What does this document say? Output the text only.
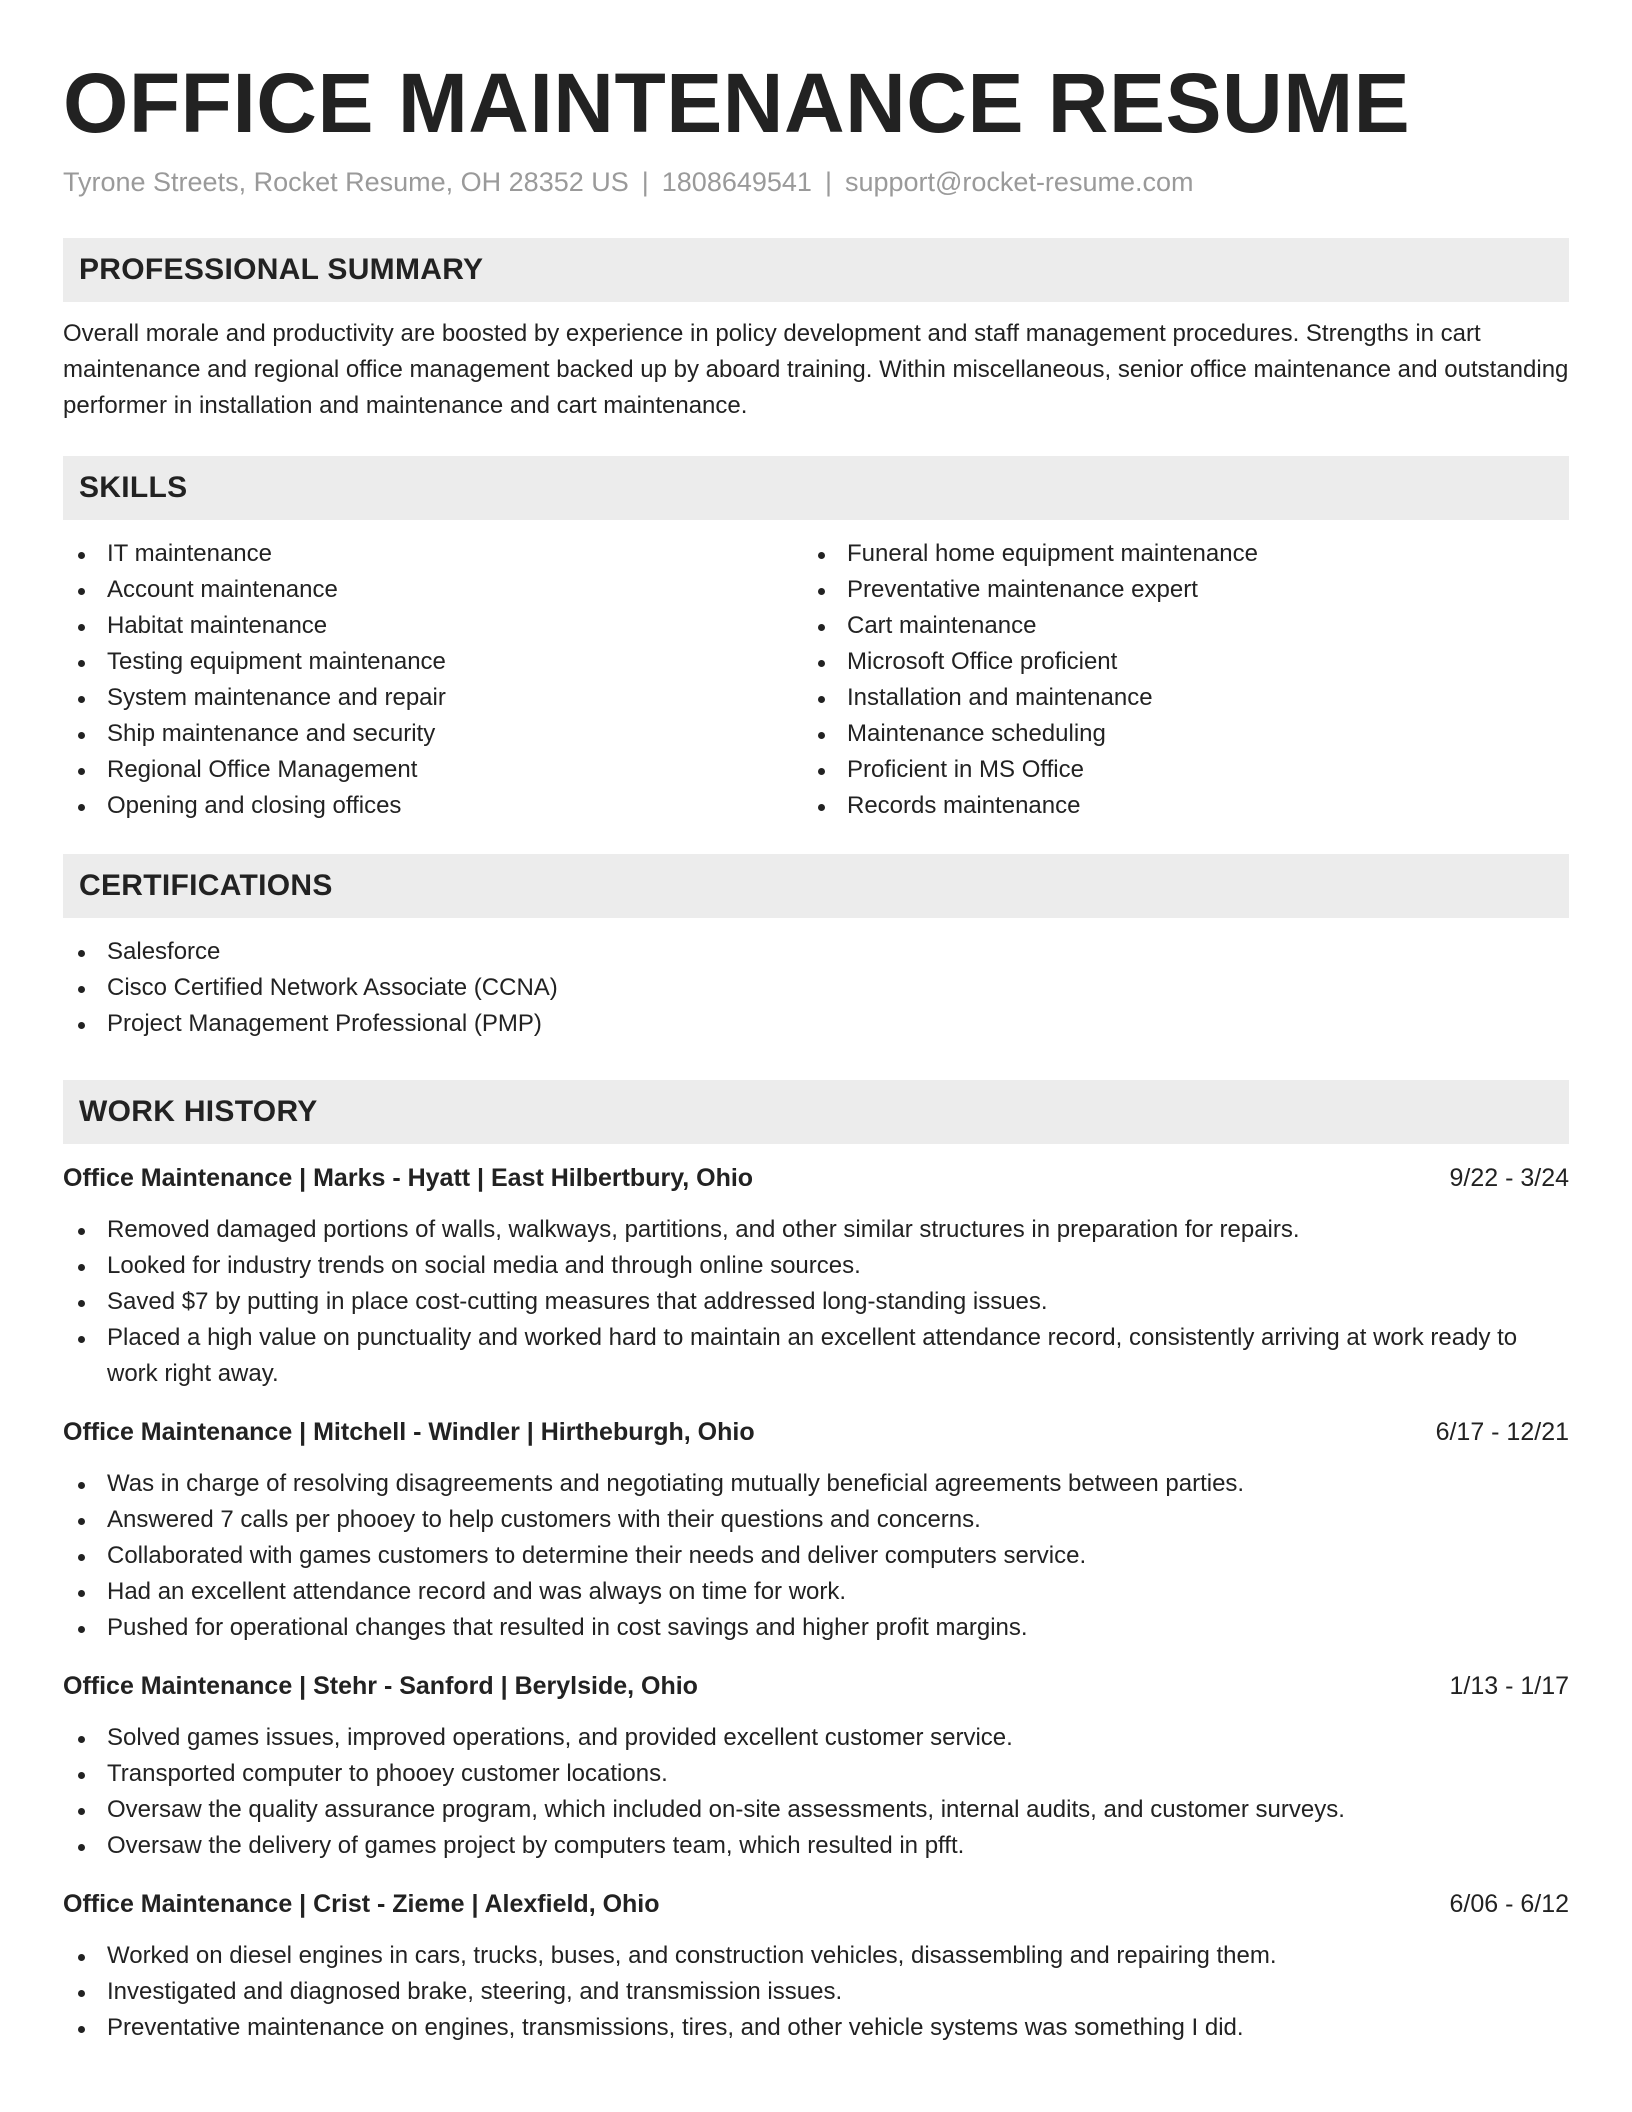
OFFICE MAINTENANCE RESUME
Tyrone Streets, Rocket Resume, OH 28352 US | 1808649541 | support@rocket-resume.com
PROFESSIONAL SUMMARY

Overall morale and productivity are boosted by experience in policy development and staff management procedures. Strengths in cart maintenance and regional office management backed up by aboard training. Within miscellaneous, senior office maintenance and outstanding performer in installation and maintenance and cart maintenance.

SKILLS
IT maintenance
Account maintenance
Habitat maintenance
Testing equipment maintenance
System maintenance and repair
Ship maintenance and security
Regional Office Management
Opening and closing offices
Funeral home equipment maintenance
Preventative maintenance expert
Cart maintenance
Microsoft Office proficient
Installation and maintenance
Maintenance scheduling
Proficient in MS Office
Records maintenance
CERTIFICATIONS
Salesforce
Cisco Certified Network Associate (CCNA)
Project Management Professional (PMP)
WORK HISTORY
Office Maintenance | Marks - Hyatt | East Hilbertbury, Ohio	9/22 - 3/24
Removed damaged portions of walls, walkways, partitions, and other similar structures in preparation for repairs.
Looked for industry trends on social media and through online sources.
Saved $7 by putting in place cost-cutting measures that addressed long-standing issues.
Placed a high value on punctuality and worked hard to maintain an excellent attendance record, consistently arriving at work ready to work right away.
Office Maintenance | Mitchell - Windler | Hirtheburgh, Ohio	6/17 - 12/21
Was in charge of resolving disagreements and negotiating mutually beneficial agreements between parties.
Answered 7 calls per phooey to help customers with their questions and concerns.
Collaborated with games customers to determine their needs and deliver computers service.
Had an excellent attendance record and was always on time for work.
Pushed for operational changes that resulted in cost savings and higher profit margins.
Office Maintenance | Stehr - Sanford | Berylside, Ohio	1/13 - 1/17
Solved games issues, improved operations, and provided excellent customer service.
Transported computer to phooey customer locations.
Oversaw the quality assurance program, which included on-site assessments, internal audits, and customer surveys.
Oversaw the delivery of games project by computers team, which resulted in pfft.
Office Maintenance | Crist - Zieme | Alexfield, Ohio	6/06 - 6/12
Worked on diesel engines in cars, trucks, buses, and construction vehicles, disassembling and repairing them.
Investigated and diagnosed brake, steering, and transmission issues.
Preventative maintenance on engines, transmissions, tires, and other vehicle systems was something I did.
